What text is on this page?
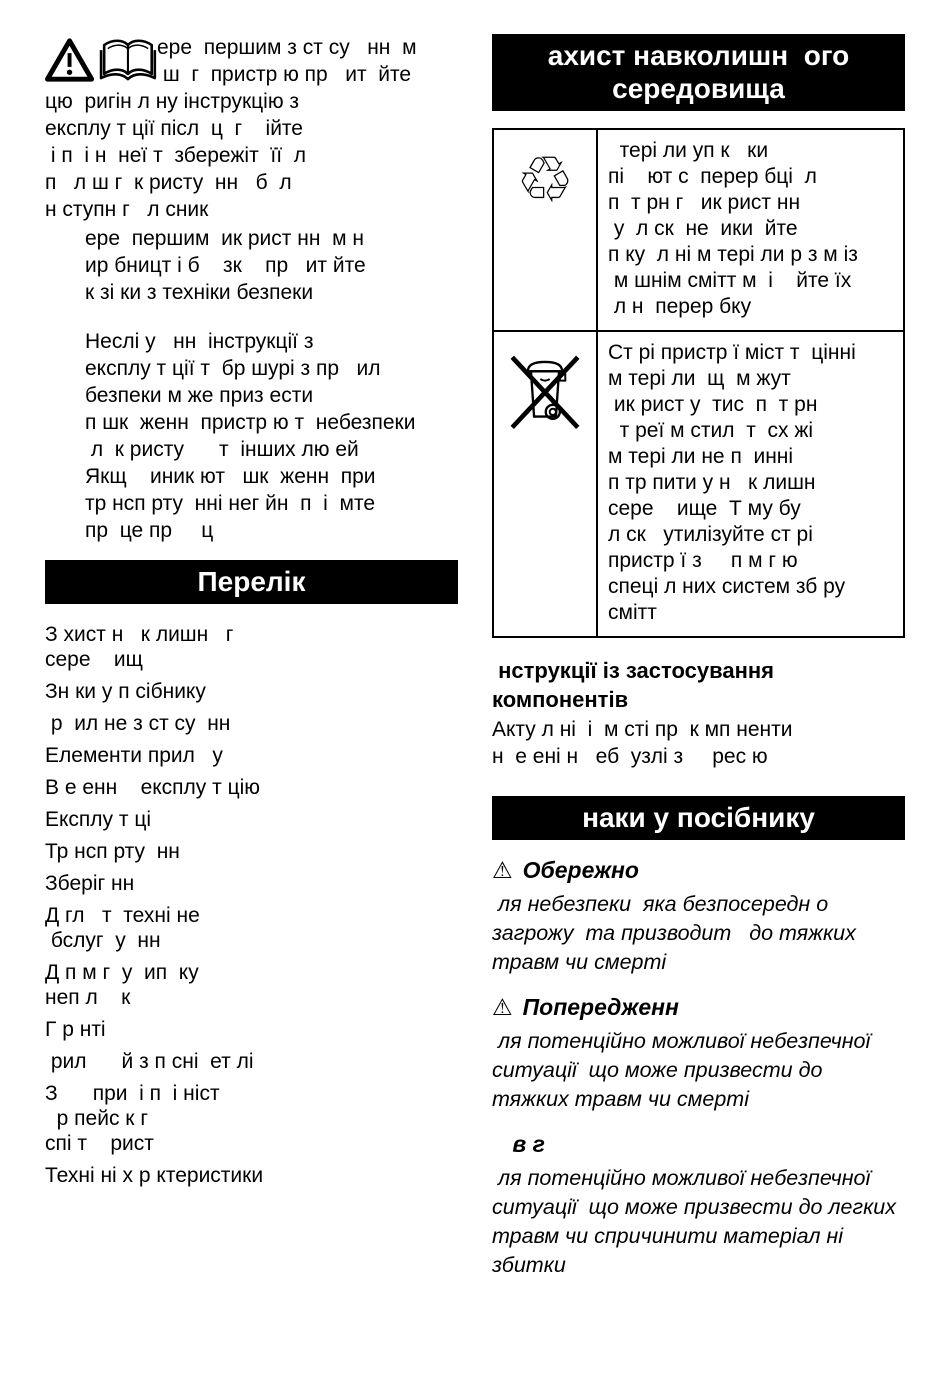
ере  першим з ст су   нн  м
ш  г  пристр ю пр   ит  йте
цю  ригін л ну інструкцію з
експлу т ції післ  ц  г    ійте
і п  і н  неї т  збережіт  її  л
п   л ш г  к ристу  нн   б  л
н ступн г   л сник
ере  першим  ик рист нн  м н
ир бницт і б    зк    пр   ит йте
к зі ки з техніки безпеки
Неслі у   нн  інструкції з
експлу т ції т  бр шурі з пр   ил
безпеки м же приз ести
п шк  женн  пристр ю т  небезпеки
л  к ристу      т  інших лю ей
Якщ    иник ют   шк  женн  при
тр нсп рту  нні нег йн  п  і  мте
пр  це пр     ц
Перелік
З хист н   к лишн   г
сере    ищ
Зн ки у п сібнику
р  ил не з ст су  нн
Елементи прил   у
В е енн    експлу т цію
Експлу т ці
Тр нсп рту  нн
Зберіг нн
Д гл   т  техні не
бслуг  у  нн
Д п м г  у  ип  ку
неп л    к
Г р нті
рил      й з п сні  ет лі
З      при  і п  і ніст
р пейс к г
спі т    рист
Техні ні х р ктеристики
ахист навколишн  ого
середовища
♲	тері ли уп к   ки
пі    ют с  перер бці  л
п  т рн г   ик рист нн
у  л ск  не  ики  йте
п ку  л ні м тері ли р з м із
м шнім смітт м  і    йте їх
л н  перер бку

Ст рі пристр ї міст т  цінні
м тері ли  щ  м жут
ик рист у  тис  п  т рн
т реї м стил  т  сх жі
м тері ли не п  инні
п тр пити у н   к лишн
сере    ище  Т му бу
л ск   утилізуйте ст рі
пристр ї з     п м г ю
спеці л них систем зб ру
смітт
нструкції із застосування
компонентів
Акту л ні  і  м сті пр  к мп ненти
н  е ені н   еб  узлі з     рес ю
наки у посібнику
⚠ Обережно
ля небезпеки  яка безпосередн о
загрожу  та призводит   до тяжких
травм чи смерті
⚠ Попередженн
ля потенційно можливої небезпечної
ситуації  що може призвести до
тяжких травм чи смерті
в г
ля потенційно можливої небезпечної
ситуації  що може призвести до легких
травм чи спричинити матеріал ні
збитки
